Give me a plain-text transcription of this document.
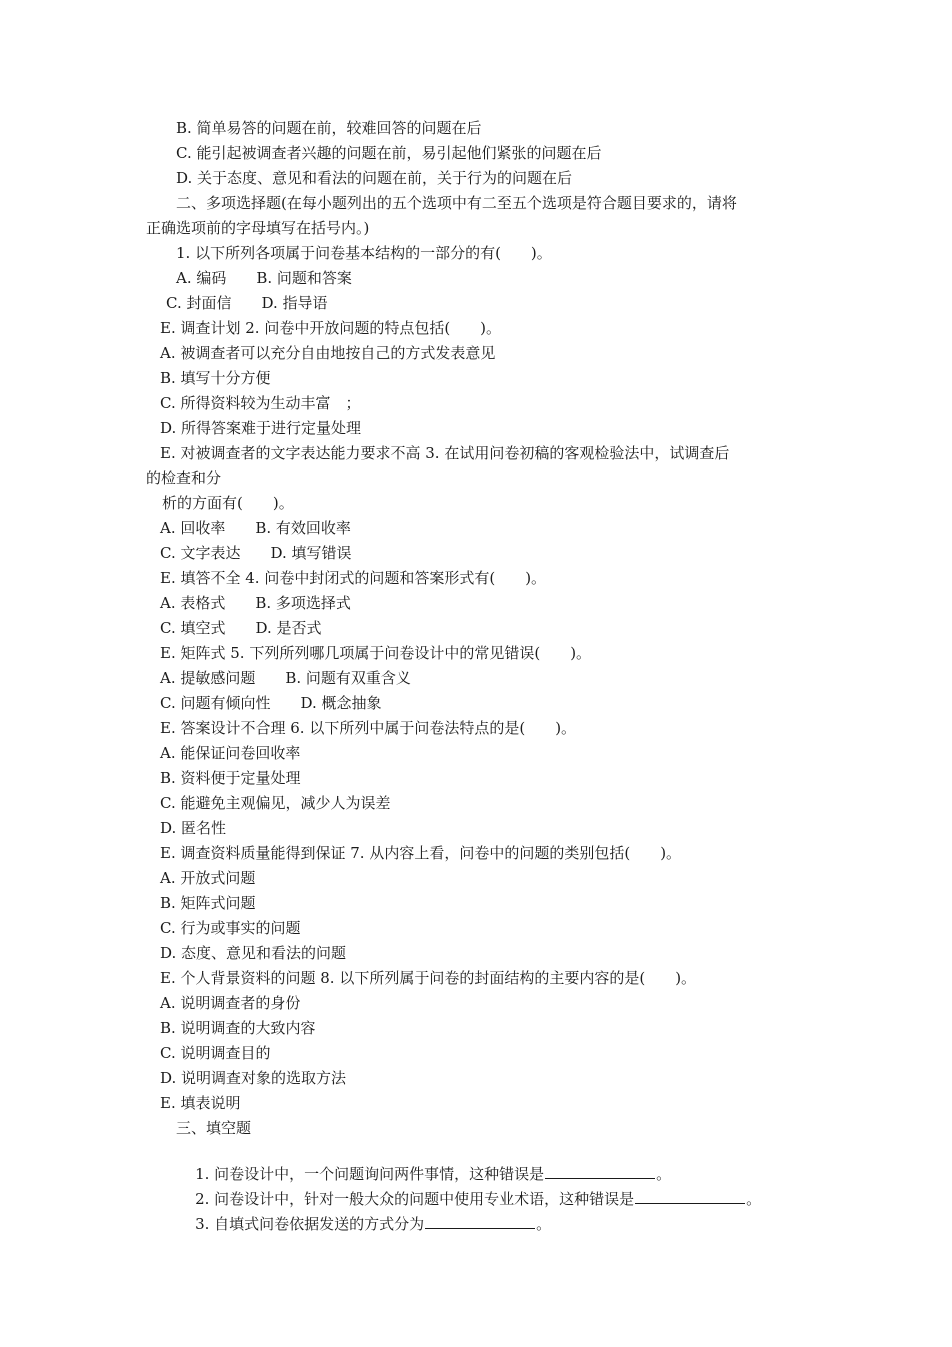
B. 简单易答的问题在前，较难回答的问题在后
C. 能引起被调查者兴趣的问题在前，易引起他们紧张的问题在后
D. 关于态度、意见和看法的问题在前，关于行为的问题在后
二、多项选择题(在每小题列出的五个选项中有二至五个选项是符合题目要求的，请将
正确选项前的字母填写在括号内。)
1. 以下所列各项属于问卷基本结构的一部分的有(　　)。
A. 编码　　B. 问题和答案
C. 封面信　　D. 指导语
E. 调查计划 2. 问卷中开放问题的特点包括(　　)。
A. 被调查者可以充分自由地按自己的方式发表意见
B. 填写十分方便
C. 所得资料较为生动丰富　；
D. 所得答案难于进行定量处理
E. 对被调查者的文字表达能力要求不高 3. 在试用问卷初稿的客观检验法中，试调查后
的检查和分
析的方面有(　　)。
A. 回收率　　B. 有效回收率
C. 文字表达　　D. 填写错误
E. 填答不全 4. 问卷中封闭式的问题和答案形式有(　　)。
A. 表格式　　B. 多项选择式
C. 填空式　　D. 是否式
E. 矩阵式 5. 下列所列哪几项属于问卷设计中的常见错误(　　)。
A. 提敏感问题　　B. 问题有双重含义
C. 问题有倾向性　　D. 概念抽象
E. 答案设计不合理 6. 以下所列中属于问卷法特点的是(　　)。
A. 能保证问卷回收率
B. 资料便于定量处理
C. 能避免主观偏见，减少人为误差
D. 匿名性
E. 调查资料质量能得到保证 7. 从内容上看，问卷中的问题的类别包括(　　)。
A. 开放式问题
B. 矩阵式问题
C. 行为或事实的问题
D. 态度、意见和看法的问题
E. 个人背景资料的问题 8. 以下所列属于问卷的封面结构的主要内容的是(　　)。
A. 说明调查者的身份
B. 说明调查的大致内容
C. 说明调查目的
D. 说明调查对象的选取方法
E. 填表说明
三、填空题

1. 问卷设计中，一个问题询问两件事情，这种错误是	。

2. 问卷设计中，针对一般大众的问题中使用专业术语，这种错误是	。

3. 自填式问卷依据发送的方式分为	。
